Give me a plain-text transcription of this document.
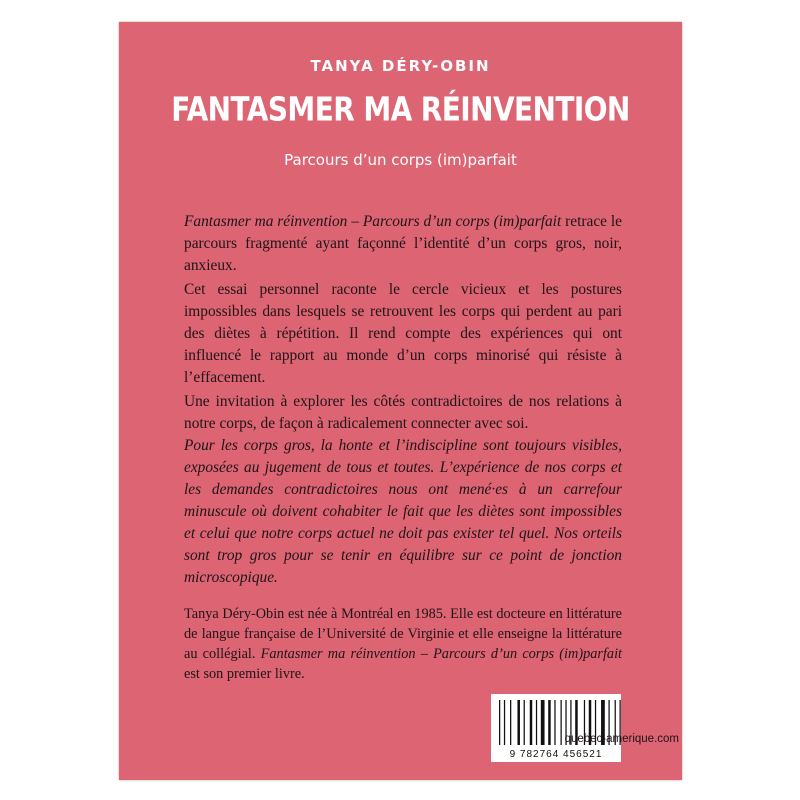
TANYA DÉRY-OBIN
FANTASMER MA RÉINVENTION
Parcours d’un corps (im)parfait

Fantasmer ma réinvention – Parcours d’un corps (im)parfait retrace le parcours fragmenté ayant façonné l’identité d’un corps gros, noir, anxieux.

Cet essai personnel raconte le cercle vicieux et les postures impossibles dans lesquels se retrouvent les corps qui perdent au pari des diètes à répétition. Il rend compte des expériences qui ont influencé le rapport au monde d’un corps minorisé qui résiste à l’effacement.

Une invitation à explorer les côtés contradictoires de nos relations à notre corps, de façon à radicalement connecter avec soi.

Pour les corps gros, la honte et l’indiscipline sont toujours visibles, exposées au jugement de tous et toutes. L’expérience de nos corps et les demandes contradictoires nous ont mené·es à un carrefour minuscule où doivent cohabiter le fait que les diètes sont impossibles et celui que notre corps actuel ne doit pas exister tel quel. Nos orteils sont trop gros pour se tenir en équilibre sur ce point de jonction microscopique.

Tanya Déry-Obin est née à Montréal en 1985. Elle est docteure en littérature de langue française de l’Université de Virginie et elle enseigne la littérature au collégial. Fantasmer ma réinvention – Parcours d’un corps (im)parfait est son premier livre.

9 782764 456521
quebec-amerique.com
